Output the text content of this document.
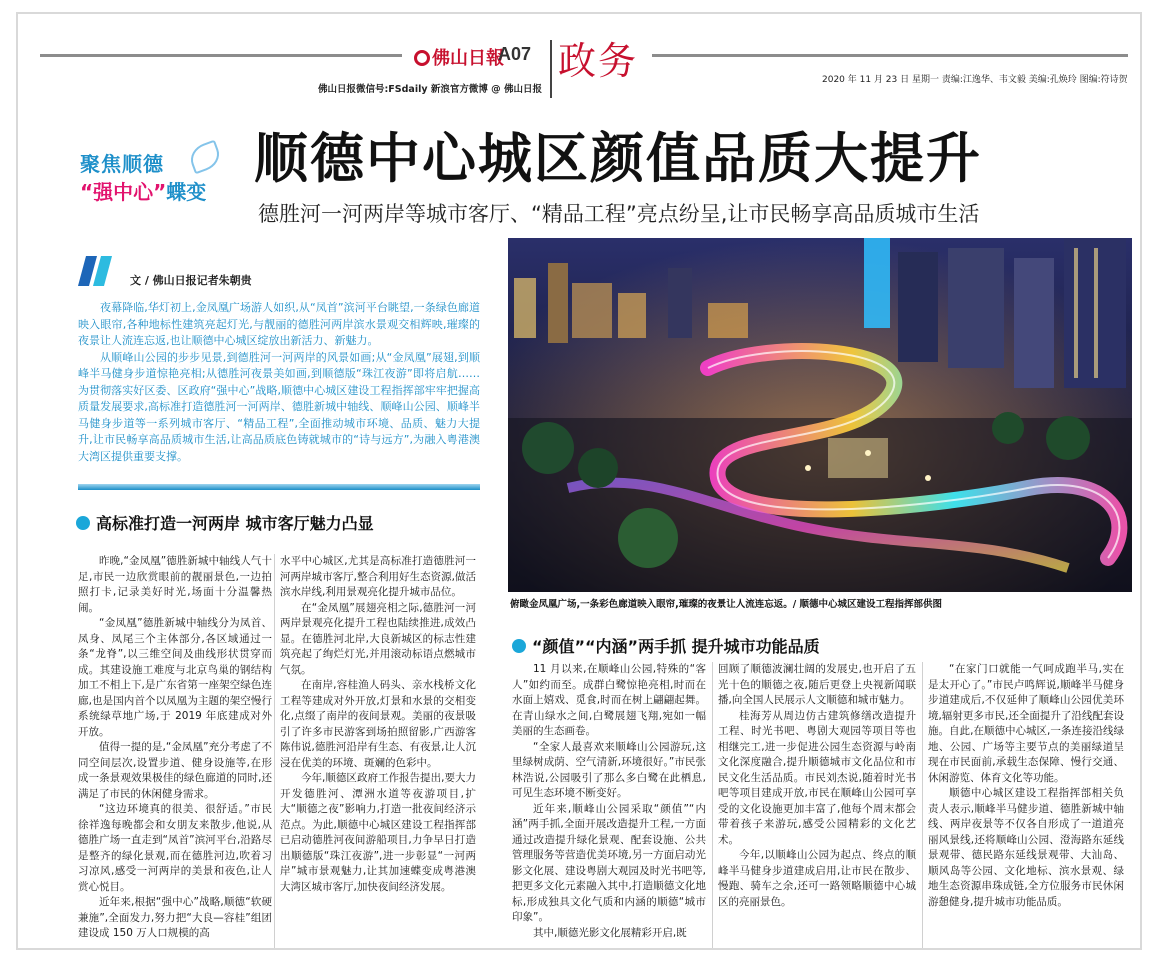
佛山日報
A07 政务
佛山日报微信号:FSdaily 新浪官方微博 @ 佛山日报
2020 年 11 月 23 日 星期一 责编:江逸华、韦文毅 美编:孔焕玲 图编:符诗贺
聚焦顺德
“强中心”蝶变
顺德中心城区颜值品质大提升
德胜河一河两岸等城市客厅、“精品工程”亮点纷呈,让市民畅享高品质城市生活
文 / 佛山日报记者朱朝贵

夜幕降临,华灯初上,金凤凰广场游人如织,从“凤首”滨河平台眺望,一条绿色廊道映入眼帘,各种地标性建筑亮起灯光,与靓丽的德胜河两岸滨水景观交相辉映,璀璨的夜景让人流连忘返,也让顺德中心城区绽放出新活力、新魅力。

从顺峰山公园的步步见景,到德胜河一河两岸的风景如画;从“金凤凰”展翅,到顺峰半马健身步道惊艳亮相;从德胜河夜景美如画,到顺德版“珠江夜游”即将启航……为贯彻落实好区委、区政府“强中心”战略,顺德中心城区建设工程指挥部牢牢把握高质量发展要求,高标准打造德胜河一河两岸、德胜新城中轴线、顺峰山公园、顺峰半马健身步道等一系列城市客厅、“精品工程”,全面推动城市环境、品质、魅力大提升,让市民畅享高品质城市生活,让高品质底色铸就城市的“诗与远方”,为融入粤港澳大湾区提供重要支撑。

高标准打造一河两岸 城市客厅魅力凸显

昨晚,“金凤凰”德胜新城中轴线人气十足,市民一边欣赏眼前的靓丽景色,一边拍照打卡,记录美好时光,场面十分温馨热闹。

“金凤凰”德胜新城中轴线分为凤首、凤身、凤尾三个主体部分,各区域通过一条“龙脊”,以三维空间及曲线形状贯穿而成。其建设施工难度与北京鸟巢的钢结构加工不相上下,是广东省第一座架空绿色连廊,也是国内首个以凤凰为主题的架空慢行系统绿草地广场,于 2019 年底建成对外开放。

值得一提的是,“金凤凰”充分考虑了不同空间层次,设置步道、健身设施等,在形成一条景观效果极佳的绿色廊道的同时,还满足了市民的休闲健身需求。

“这边环境真的很美、很舒适。”市民徐祥逸每晚都会和女朋友来散步,他说,从德胜广场一直走到“凤首”滨河平台,沿路尽是整齐的绿化景观,而在德胜河边,吹着习习凉风,感受一河两岸的美景和夜色,让人赏心悦目。

近年来,根据“强中心”战略,顺德“软硬兼施”,全面发力,努力把“大良—容桂”组团建设成 150 万人口规模的高

水平中心城区,尤其是高标准打造德胜河一河两岸城市客厅,整合利用好生态资源,做活滨水岸线,利用景观亮化提升城市品位。

在“金凤凰”展翅亮相之际,德胜河一河两岸景观亮化提升工程也陆续推进,成效凸显。在德胜河北岸,大良新城区的标志性建筑亮起了绚烂灯光,并用滚动标语点燃城市气氛。

在南岸,容桂渔人码头、亲水栈桥文化工程等建成对外开放,灯景和水景的交相变化,点缀了南岸的夜间景观。美丽的夜景吸引了许多市民游客到场拍照留影,广西游客陈伟说,德胜河沿岸有生态、有夜景,让人沉浸在优美的环境、斑斓的色彩中。

今年,顺德区政府工作报告提出,要大力开发德胜河、潭洲水道等夜游项目,扩大“顺德之夜”影响力,打造一批夜间经济示范点。为此,顺德中心城区建设工程指挥部已启动德胜河夜间游船项目,力争早日打造出顺德版“珠江夜游”,进一步彰显“一河两岸”城市景观魅力,让其加速蝶变成粤港澳大湾区城市客厅,加快夜间经济发展。

俯瞰金凤凰广场,一条彩色廊道映入眼帘,璀璨的夜景让人流连忘返。/ 顺德中心城区建设工程指挥部供图
“颜值”“内涵”两手抓 提升城市功能品质

11 月以来,在顺峰山公园,特殊的“客人”如约而至。成群白鹭惊艳亮相,时而在水面上嬉戏、觅食,时而在树上翩翩起舞。在青山绿水之间,白鹭展翅飞翔,宛如一幅美丽的生态画卷。

“全家人最喜欢来顺峰山公园游玩,这里绿树成荫、空气清新,环境很好。”市民张林浩说,公园吸引了那么多白鹭在此栖息,可见生态环境不断变好。

近年来,顺峰山公园采取“颜值”“内涵”两手抓,全面开展改造提升工程,一方面通过改造提升绿化景观、配套设施、公共管理服务等营造优美环境,另一方面启动光影文化展、建设粤剧大观园及时光书吧等,把更多文化元素融入其中,打造顺德文化地标,形成独具文化气质和内涵的顺德“城市印象”。

其中,顺德光影文化展精彩开启,既

回顾了顺德波澜壮阔的发展史,也开启了五光十色的顺德之夜,随后更登上央视新闻联播,向全国人民展示人文顺德和城市魅力。

桂海芳从周边仿古建筑修缮改造提升工程、时光书吧、粤剧大观园等项目等也相继完工,进一步促进公园生态资源与岭南文化深度融合,提升顺德城市文化品位和市民文化生活品质。市民刘杰说,随着时光书吧等项目建成开放,市民在顺峰山公园可享受的文化设施更加丰富了,他每个周末都会带着孩子来游玩,感受公园精彩的文化艺术。

今年,以顺峰山公园为起点、终点的顺峰半马健身步道建成启用,让市民在散步、慢跑、骑车之余,还可一路领略顺德中心城区的亮丽景色。

“在家门口就能一气呵成跑半马,实在是太开心了。”市民卢鸣辉说,顺峰半马健身步道建成后,不仅延伸了顺峰山公园优美环境,辐射更多市民,还全面提升了沿线配套设施。自此,在顺德中心城区,一条连接沿线绿地、公园、广场等主要节点的美丽绿道呈现在市民面前,承载生态保障、慢行交通、休闲游览、体育文化等功能。

顺德中心城区建设工程指挥部相关负责人表示,顺峰半马健步道、德胜新城中轴线、两岸夜景等不仅各自形成了一道道亮丽风景线,还将顺峰山公园、澄海路东延线景观带、德民路东延线景观带、大汕岛、顺风岛等公园、文化地标、滨水景观、绿地生态资源串珠成链,全方位服务市民休闲游憩健身,提升城市功能品质。
